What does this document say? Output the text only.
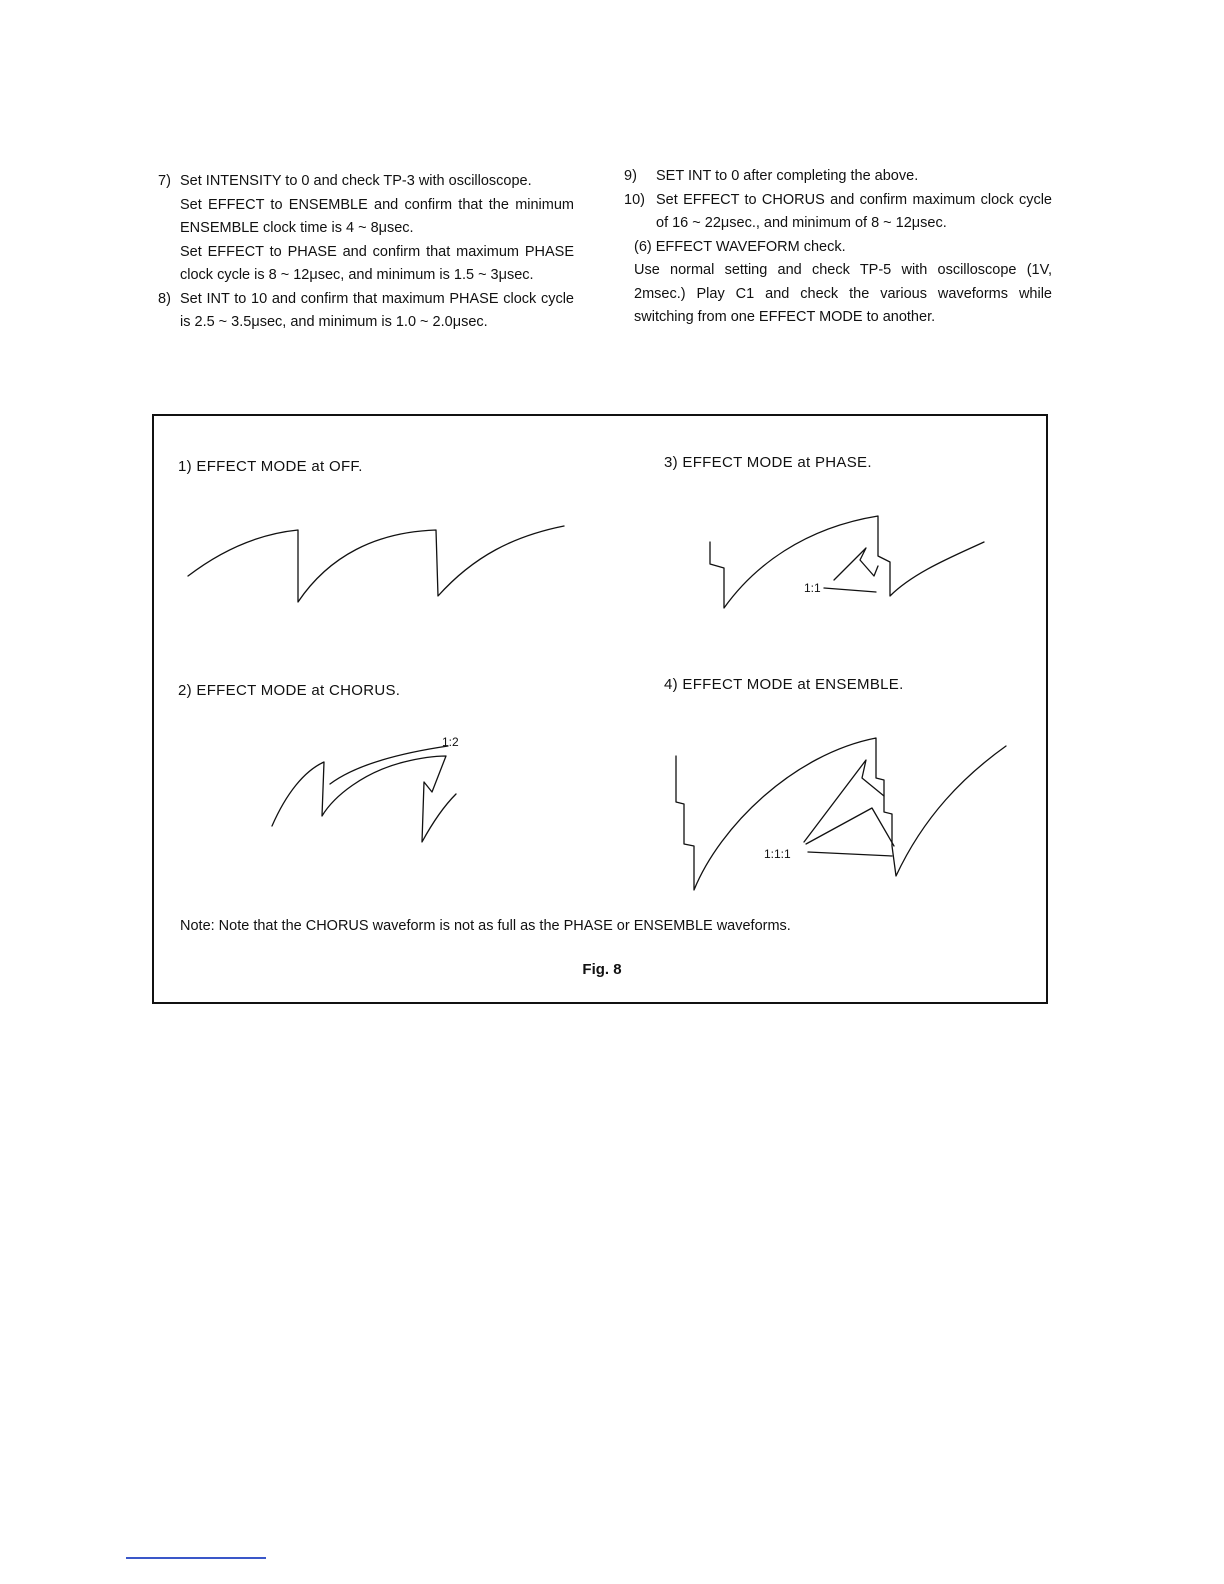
7) Set INTENSITY to 0 and check TP-3 with oscilloscope.

Set EFFECT to ENSEMBLE and confirm that the minimum ENSEMBLE clock time is 4 ~ 8μsec.

Set EFFECT to PHASE and confirm that maximum PHASE clock cycle is 8 ~ 12μsec, and minimum is 1.5 ~ 3μsec.

8) Set INT to 10 and confirm that maximum PHASE clock cycle is 2.5 ~ 3.5μsec, and minimum is 1.0 ~ 2.0μsec.

9)	SET INT to 0 after completing the above.
10) Set EFFECT to CHORUS and confirm maximum clock cycle of 16 ~ 22μsec., and minimum of 8 ~ 12μsec.

(6) EFFECT WAVEFORM check.

Use normal setting and check TP-5 with oscilloscope (1V, 2msec.) Play C1 and check the various waveforms while switching from one EFFECT MODE to another.

1) EFFECT MODE at OFF.
2) EFFECT MODE at CHORUS.
3) EFFECT MODE at PHASE.
4) EFFECT MODE at ENSEMBLE.
1:2
1:1
1:1:1
Note: Note that the CHORUS waveform is not as full as the PHASE or ENSEMBLE waveforms.
Fig. 8
